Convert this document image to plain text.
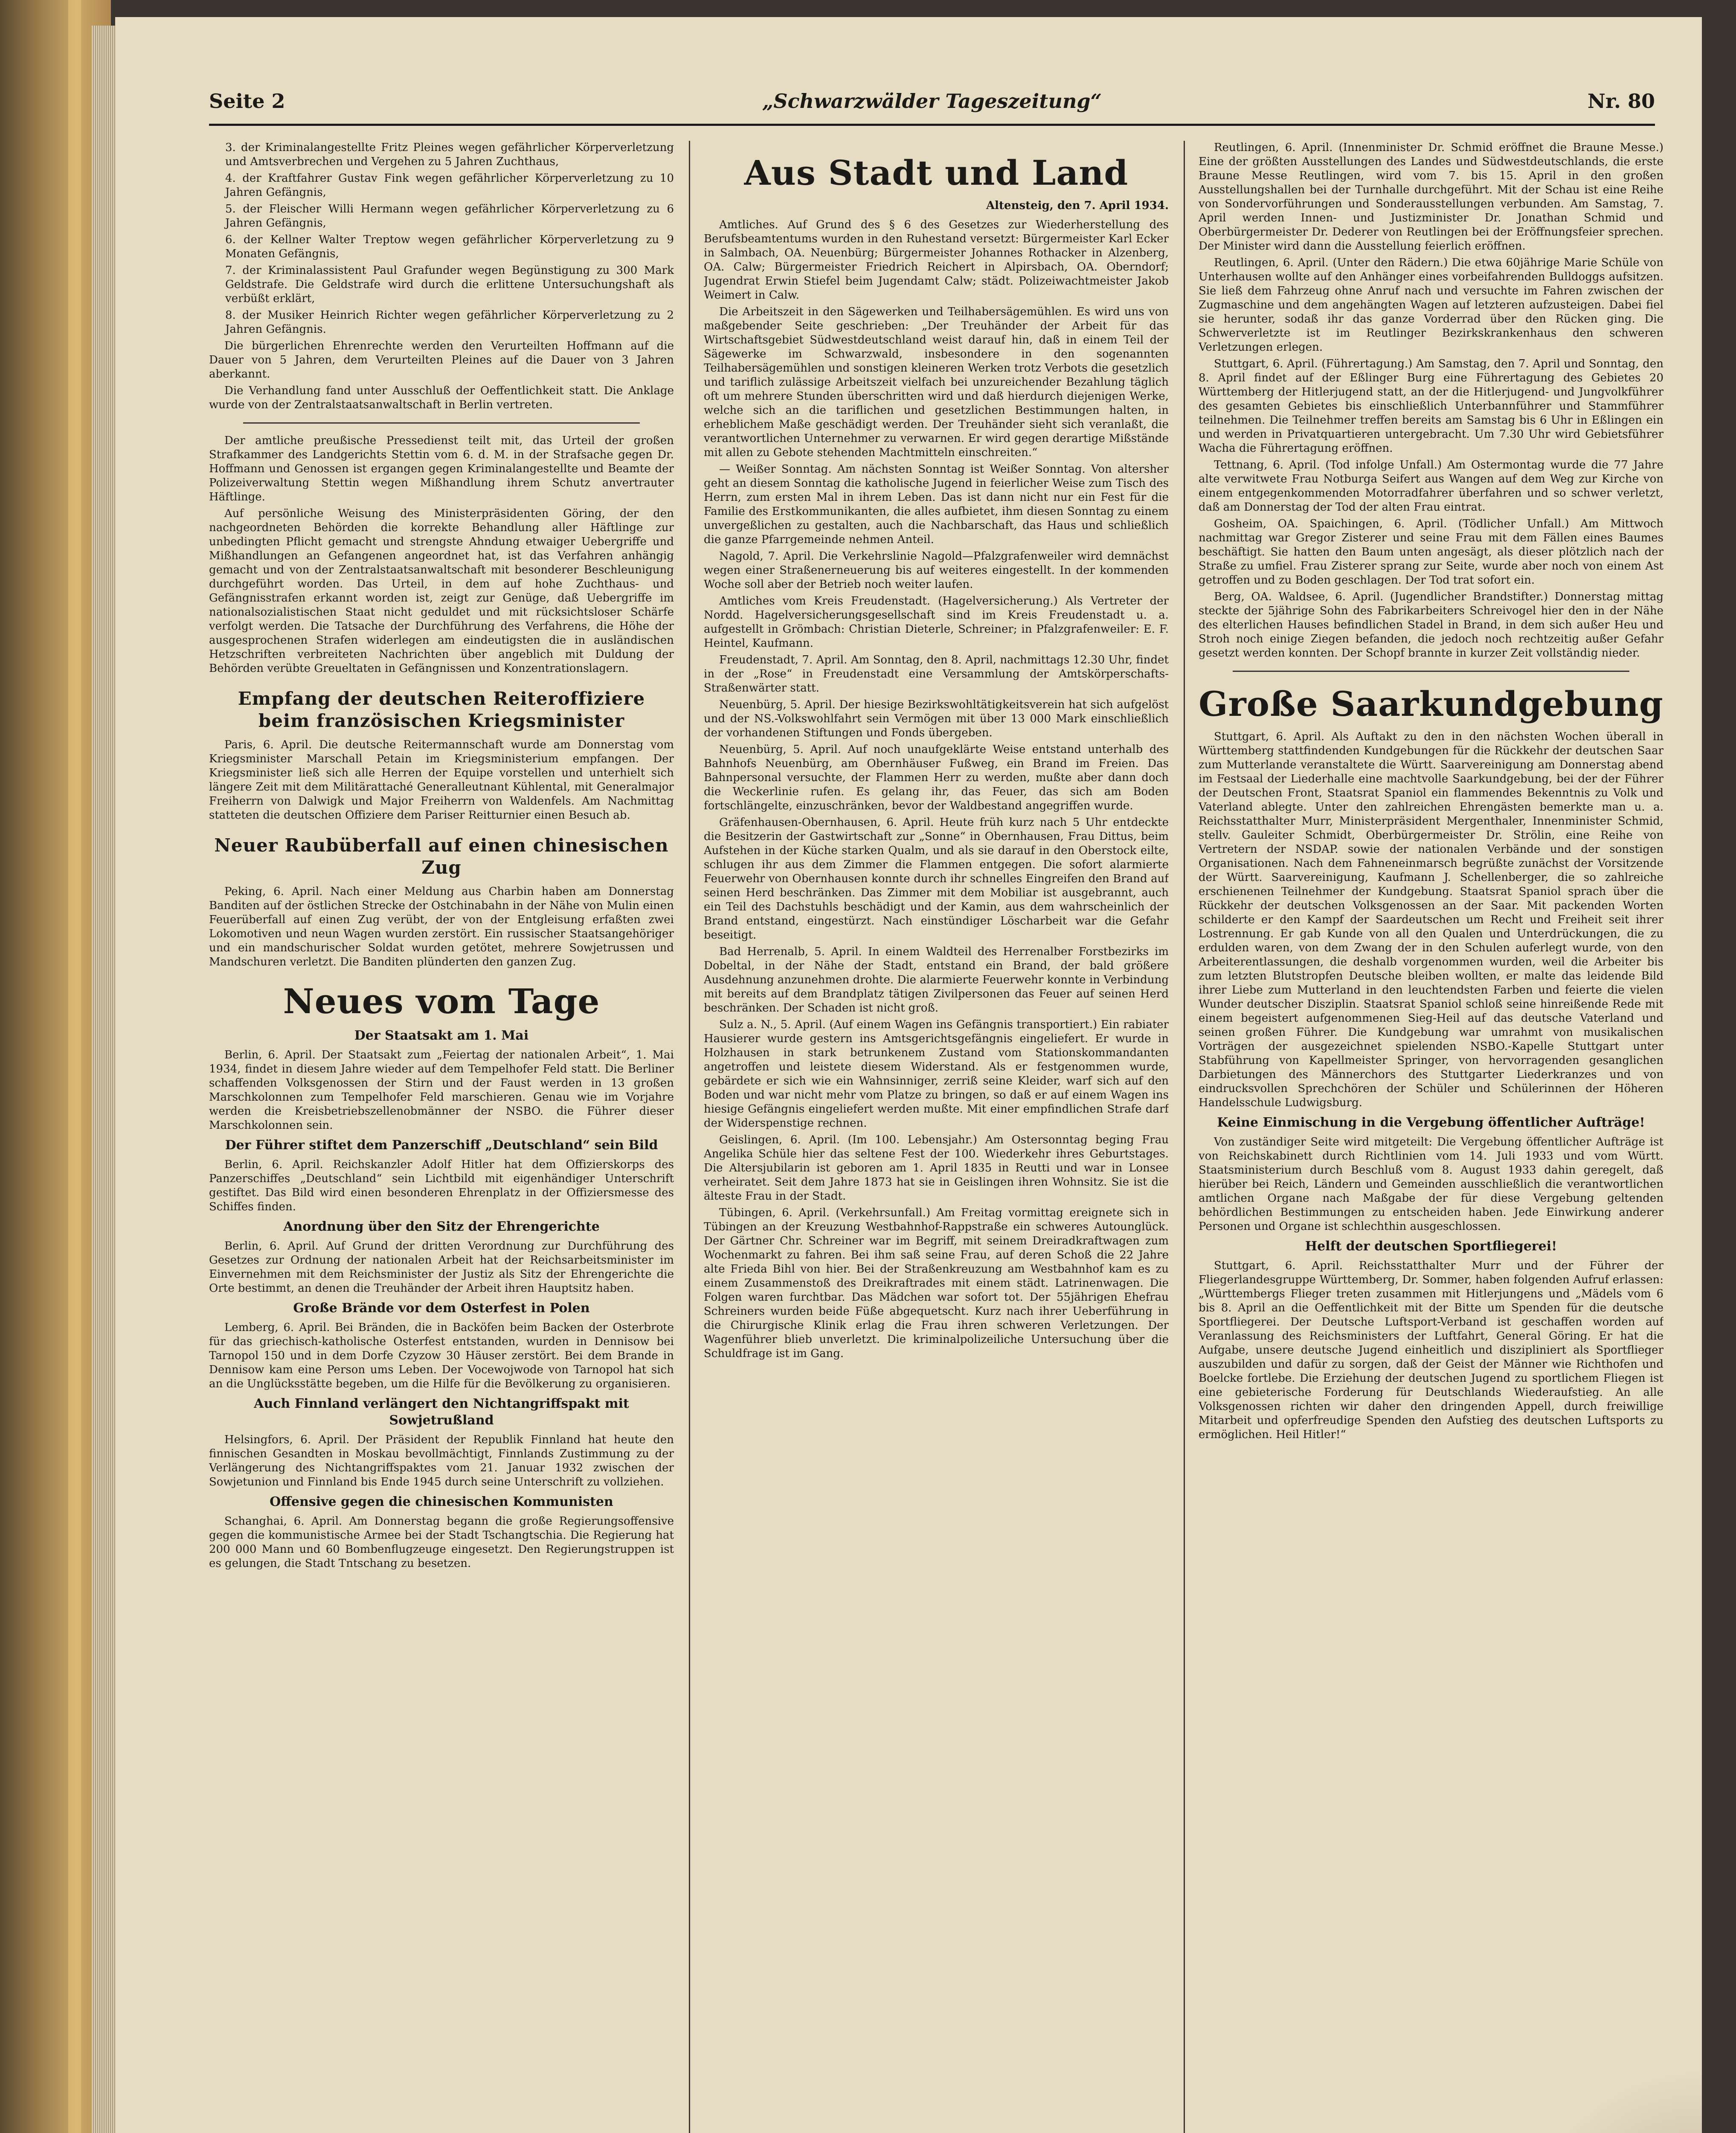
Seite 2	„Schwarzwälder Tageszeitung“	Nr. 80

3. der Kriminalangestellte Fritz Pleines wegen gefährlicher Körperverletzung und Amtsverbrechen und Vergehen zu 5 Jahren Zuchthaus,

4. der Kraftfahrer Gustav Fink wegen gefährlicher Körperverletzung zu 10 Jahren Gefängnis,

5. der Fleischer Willi Hermann wegen gefährlicher Körperverletzung zu 6 Jahren Gefängnis,

6. der Kellner Walter Treptow wegen gefährlicher Körperverletzung zu 9 Monaten Gefängnis,

7. der Kriminalassistent Paul Grafunder wegen Begünstigung zu 300 Mark Geldstrafe. Die Geldstrafe wird durch die erlittene Untersuchungshaft als verbüßt erklärt,

8. der Musiker Heinrich Richter wegen gefährlicher Körperverletzung zu 2 Jahren Gefängnis.

Die bürgerlichen Ehrenrechte werden den Verurteilten Hoffmann auf die Dauer von 5 Jahren, dem Verurteilten Pleines auf die Dauer von 3 Jahren aberkannt.

Die Verhandlung fand unter Ausschluß der Oeffentlichkeit statt. Die Anklage wurde von der Zentralstaatsanwaltschaft in Berlin vertreten.

Der amtliche preußische Pressedienst teilt mit, das Urteil der großen Strafkammer des Landgerichts Stettin vom 6. d. M. in der Strafsache gegen Dr. Hoffmann und Genossen ist ergangen gegen Kriminalangestellte und Beamte der Polizeiverwaltung Stettin wegen Mißhandlung ihrem Schutz anvertrauter Häftlinge.

Auf persönliche Weisung des Ministerpräsidenten Göring, der den nachgeordneten Behörden die korrekte Behandlung aller Häftlinge zur unbedingten Pflicht gemacht und strengste Ahndung etwaiger Uebergriffe und Mißhandlungen an Gefangenen angeordnet hat, ist das Verfahren anhängig gemacht und von der Zentralstaatsanwaltschaft mit besonderer Beschleunigung durchgeführt worden. Das Urteil, in dem auf hohe Zuchthaus- und Gefängnisstrafen erkannt worden ist, zeigt zur Genüge, daß Uebergriffe im nationalsozialistischen Staat nicht geduldet und mit rücksichtsloser Schärfe verfolgt werden. Die Tatsache der Durchführung des Verfahrens, die Höhe der ausgesprochenen Strafen widerlegen am eindeutigsten die in ausländischen Hetzschriften verbreiteten Nachrichten über angeblich mit Duldung der Behörden verübte Greueltaten in Gefängnissen und Konzentrationslagern.

Empfang der deutschen Reiteroffiziere beim französischen Kriegsminister

Paris, 6. April. Die deutsche Reitermannschaft wurde am Donnerstag vom Kriegsminister Marschall Petain im Kriegsministerium empfangen. Der Kriegsminister ließ sich alle Herren der Equipe vorstellen und unterhielt sich längere Zeit mit dem Militärattaché Generalleutnant Kühlental, mit Generalmajor Freiherrn von Dalwigk und Major Freiherrn von Waldenfels. Am Nachmittag statteten die deutschen Offiziere dem Pariser Reitturnier einen Besuch ab.

Neuer Raubüberfall auf einen chinesischen Zug

Peking, 6. April. Nach einer Meldung aus Charbin haben am Donnerstag Banditen auf der östlichen Strecke der Ostchinabahn in der Nähe von Mulin einen Feuerüberfall auf einen Zug verübt, der von der Entgleisung erfaßten zwei Lokomotiven und neun Wagen wurden zerstört. Ein russischer Staatsangehöriger und ein mandschurischer Soldat wurden getötet, mehrere Sowjetrussen und Mandschuren verletzt. Die Banditen plünderten den ganzen Zug.

Neues vom Tage
Der Staatsakt am 1. Mai

Berlin, 6. April. Der Staatsakt zum „Feiertag der nationalen Arbeit“, 1. Mai 1934, findet in diesem Jahre wieder auf dem Tempelhofer Feld statt. Die Berliner schaffenden Volksgenossen der Stirn und der Faust werden in 13 großen Marschkolonnen zum Tempelhofer Feld marschieren. Genau wie im Vorjahre werden die Kreisbetriebszellenobmänner der NSBO. die Führer dieser Marschkolonnen sein.

Der Führer stiftet dem Panzerschiff „Deutschland“ sein Bild

Berlin, 6. April. Reichskanzler Adolf Hitler hat dem Offizierskorps des Panzerschiffes „Deutschland“ sein Lichtbild mit eigenhändiger Unterschrift gestiftet. Das Bild wird einen besonderen Ehrenplatz in der Offiziersmesse des Schiffes finden.

Anordnung über den Sitz der Ehrengerichte

Berlin, 6. April. Auf Grund der dritten Verordnung zur Durchführung des Gesetzes zur Ordnung der nationalen Arbeit hat der Reichsarbeitsminister im Einvernehmen mit dem Reichsminister der Justiz als Sitz der Ehrengerichte die Orte bestimmt, an denen die Treuhänder der Arbeit ihren Hauptsitz haben.

Große Brände vor dem Osterfest in Polen

Lemberg, 6. April. Bei Bränden, die in Backöfen beim Backen der Osterbrote für das griechisch-katholische Osterfest entstanden, wurden in Dennisow bei Tarnopol 150 und in dem Dorfe Czyzow 30 Häuser zerstört. Bei dem Brande in Dennisow kam eine Person ums Leben. Der Vocewojwode von Tarnopol hat sich an die Unglücksstätte begeben, um die Hilfe für die Bevölkerung zu organisieren.

Auch Finnland verlängert den Nichtangriffspakt mit Sowjetrußland

Helsingfors, 6. April. Der Präsident der Republik Finnland hat heute den finnischen Gesandten in Moskau bevollmächtigt, Finnlands Zustimmung zu der Verlängerung des Nichtangriffspaktes vom 21. Januar 1932 zwischen der Sowjetunion und Finnland bis Ende 1945 durch seine Unterschrift zu vollziehen.

Offensive gegen die chinesischen Kommunisten

Schanghai, 6. April. Am Donnerstag begann die große Regierungsoffensive gegen die kommunistische Armee bei der Stadt Tschangtschia. Die Regierung hat 200 000 Mann und 60 Bombenflugzeuge eingesetzt. Den Regierungstruppen ist es gelungen, die Stadt Tntschang zu besetzen.

Aus Stadt und Land
Altensteig, den 7. April 1934.

Amtliches. Auf Grund des § 6 des Gesetzes zur Wiederherstellung des Berufsbeamtentums wurden in den Ruhestand versetzt: Bürgermeister Karl Ecker in Salmbach, OA. Neuenbürg; Bürgermeister Johannes Rothacker in Alzenberg, OA. Calw; Bürgermeister Friedrich Reichert in Alpirsbach, OA. Oberndorf; Jugendrat Erwin Stiefel beim Jugendamt Calw; städt. Polizeiwachtmeister Jakob Weimert in Calw.

Die Arbeitszeit in den Sägewerken und Teilhabersägemühlen. Es wird uns von maßgebender Seite geschrieben: „Der Treuhänder der Arbeit für das Wirtschaftsgebiet Südwestdeutschland weist darauf hin, daß in einem Teil der Sägewerke im Schwarzwald, insbesondere in den sogenannten Teilhabersägemühlen und sonstigen kleineren Werken trotz Verbots die gesetzlich und tariflich zulässige Arbeitszeit vielfach bei unzureichender Bezahlung täglich oft um mehrere Stunden überschritten wird und daß hierdurch diejenigen Werke, welche sich an die tariflichen und gesetzlichen Bestimmungen halten, in erheblichem Maße geschädigt werden. Der Treuhänder sieht sich veranlaßt, die verantwortlichen Unternehmer zu verwarnen. Er wird gegen derartige Mißstände mit allen zu Gebote stehenden Machtmitteln einschreiten.“

— Weißer Sonntag. Am nächsten Sonntag ist Weißer Sonntag. Von altersher geht an diesem Sonntag die katholische Jugend in feierlicher Weise zum Tisch des Herrn, zum ersten Mal in ihrem Leben. Das ist dann nicht nur ein Fest für die Familie des Erstkommunikanten, die alles aufbietet, ihm diesen Sonntag zu einem unvergeßlichen zu gestalten, auch die Nachbarschaft, das Haus und schließlich die ganze Pfarrgemeinde nehmen Anteil.

Nagold, 7. April. Die Verkehrslinie Nagold—Pfalzgrafenweiler wird demnächst wegen einer Straßenerneuerung bis auf weiteres eingestellt. In der kommenden Woche soll aber der Betrieb noch weiter laufen.

Amtliches vom Kreis Freudenstadt. (Hagelversicherung.) Als Vertreter der Nordd. Hagelversicherungsgesellschaft sind im Kreis Freudenstadt u. a. aufgestellt in Grömbach: Christian Dieterle, Schreiner; in Pfalzgrafenweiler: E. F. Heintel, Kaufmann.

Freudenstadt, 7. April. Am Sonntag, den 8. April, nachmittags 12.30 Uhr, findet in der „Rose“ in Freudenstadt eine Versammlung der Amtskörperschafts-Straßenwärter statt.

Neuenbürg, 5. April. Der hiesige Bezirkswohltätigkeitsverein hat sich aufgelöst und der NS.-Volkswohlfahrt sein Vermögen mit über 13 000 Mark einschließlich der vorhandenen Stiftungen und Fonds übergeben.

Neuenbürg, 5. April. Auf noch unaufgeklärte Weise entstand unterhalb des Bahnhofs Neuenbürg, am Obernhäuser Fußweg, ein Brand im Freien. Das Bahnpersonal versuchte, der Flammen Herr zu werden, mußte aber dann doch die Weckerlinie rufen. Es gelang ihr, das Feuer, das sich am Boden fortschlängelte, einzuschränken, bevor der Waldbestand angegriffen wurde.

Gräfenhausen-Obernhausen, 6. April. Heute früh kurz nach 5 Uhr entdeckte die Besitzerin der Gastwirtschaft zur „Sonne“ in Obernhausen, Frau Dittus, beim Aufstehen in der Küche starken Qualm, und als sie darauf in den Oberstock eilte, schlugen ihr aus dem Zimmer die Flammen entgegen. Die sofort alarmierte Feuerwehr von Obernhausen konnte durch ihr schnelles Eingreifen den Brand auf seinen Herd beschränken. Das Zimmer mit dem Mobiliar ist ausgebrannt, auch ein Teil des Dachstuhls beschädigt und der Kamin, aus dem wahrscheinlich der Brand entstand, eingestürzt. Nach einstündiger Löscharbeit war die Gefahr beseitigt.

Bad Herrenalb, 5. April. In einem Waldteil des Herrenalber Forstbezirks im Dobeltal, in der Nähe der Stadt, entstand ein Brand, der bald größere Ausdehnung anzunehmen drohte. Die alarmierte Feuerwehr konnte in Verbindung mit bereits auf dem Brandplatz tätigen Zivilpersonen das Feuer auf seinen Herd beschränken. Der Schaden ist nicht groß.

Sulz a. N., 5. April. (Auf einem Wagen ins Gefängnis transportiert.) Ein rabiater Hausierer wurde gestern ins Amtsgerichtsgefängnis eingeliefert. Er wurde in Holzhausen in stark betrunkenem Zustand vom Stationskommandanten angetroffen und leistete diesem Widerstand. Als er festgenommen wurde, gebärdete er sich wie ein Wahnsinniger, zerriß seine Kleider, warf sich auf den Boden und war nicht mehr vom Platze zu bringen, so daß er auf einem Wagen ins hiesige Gefängnis eingeliefert werden mußte. Mit einer empfindlichen Strafe darf der Widerspenstige rechnen.

Geislingen, 6. April. (Im 100. Lebensjahr.) Am Ostersonntag beging Frau Angelika Schüle hier das seltene Fest der 100. Wiederkehr ihres Geburtstages. Die Altersjubilarin ist geboren am 1. April 1835 in Reutti und war in Lonsee verheiratet. Seit dem Jahre 1873 hat sie in Geislingen ihren Wohnsitz. Sie ist die älteste Frau in der Stadt.

Tübingen, 6. April. (Verkehrsunfall.) Am Freitag vormittag ereignete sich in Tübingen an der Kreuzung Westbahnhof-Rappstraße ein schweres Autounglück. Der Gärtner Chr. Schreiner war im Begriff, mit seinem Dreiradkraftwagen zum Wochenmarkt zu fahren. Bei ihm saß seine Frau, auf deren Schoß die 22 Jahre alte Frieda Bihl von hier. Bei der Straßenkreuzung am Westbahnhof kam es zu einem Zusammenstoß des Dreikraftrades mit einem städt. Latrinenwagen. Die Folgen waren furchtbar. Das Mädchen war sofort tot. Der 55jährigen Ehefrau Schreiners wurden beide Füße abgequetscht. Kurz nach ihrer Ueberführung in die Chirurgische Klinik erlag die Frau ihren schweren Verletzungen. Der Wagenführer blieb unverletzt. Die kriminalpolizeiliche Untersuchung über die Schuldfrage ist im Gang.

Reutlingen, 6. April. (Innenminister Dr. Schmid eröffnet die Braune Messe.) Eine der größten Ausstellungen des Landes und Südwestdeutschlands, die erste Braune Messe Reutlingen, wird vom 7. bis 15. April in den großen Ausstellungshallen bei der Turnhalle durchgeführt. Mit der Schau ist eine Reihe von Sondervorführungen und Sonderausstellungen verbunden. Am Samstag, 7. April werden Innen- und Justizminister Dr. Jonathan Schmid und Oberbürgermeister Dr. Dederer von Reutlingen bei der Eröffnungsfeier sprechen. Der Minister wird dann die Ausstellung feierlich eröffnen.

Reutlingen, 6. April. (Unter den Rädern.) Die etwa 60jährige Marie Schüle von Unterhausen wollte auf den Anhänger eines vorbeifahrenden Bulldoggs aufsitzen. Sie ließ dem Fahrzeug ohne Anruf nach und versuchte im Fahren zwischen der Zugmaschine und dem angehängten Wagen auf letzteren aufzusteigen. Dabei fiel sie herunter, sodaß ihr das ganze Vorderrad über den Rücken ging. Die Schwerverletzte ist im Reutlinger Bezirkskrankenhaus den schweren Verletzungen erlegen.

Stuttgart, 6. April. (Führertagung.) Am Samstag, den 7. April und Sonntag, den 8. April findet auf der Eßlinger Burg eine Führertagung des Gebietes 20 Württemberg der Hitlerjugend statt, an der die Hitlerjugend- und Jungvolkführer des gesamten Gebietes bis einschließlich Unterbannführer und Stammführer teilnehmen. Die Teilnehmer treffen bereits am Samstag bis 6 Uhr in Eßlingen ein und werden in Privatquartieren untergebracht. Um 7.30 Uhr wird Gebietsführer Wacha die Führertagung eröffnen.

Tettnang, 6. April. (Tod infolge Unfall.) Am Ostermontag wurde die 77 Jahre alte verwitwete Frau Notburga Seifert aus Wangen auf dem Weg zur Kirche von einem entgegenkommenden Motorradfahrer überfahren und so schwer verletzt, daß am Donnerstag der Tod der alten Frau eintrat.

Gosheim, OA. Spaichingen, 6. April. (Tödlicher Unfall.) Am Mittwoch nachmittag war Gregor Zisterer und seine Frau mit dem Fällen eines Baumes beschäftigt. Sie hatten den Baum unten angesägt, als dieser plötzlich nach der Straße zu umfiel. Frau Zisterer sprang zur Seite, wurde aber noch von einem Ast getroffen und zu Boden geschlagen. Der Tod trat sofort ein.

Berg, OA. Waldsee, 6. April. (Jugendlicher Brandstifter.) Donnerstag mittag steckte der 5jährige Sohn des Fabrikarbeiters Schreivogel hier den in der Nähe des elterlichen Hauses befindlichen Stadel in Brand, in dem sich außer Heu und Stroh noch einige Ziegen befanden, die jedoch noch rechtzeitig außer Gefahr gesetzt werden konnten. Der Schopf brannte in kurzer Zeit vollständig nieder.

Große Saarkundgebung

Stuttgart, 6. April. Als Auftakt zu den in den nächsten Wochen überall in Württemberg stattfindenden Kundgebungen für die Rückkehr der deutschen Saar zum Mutterlande veranstaltete die Württ. Saarvereinigung am Donnerstag abend im Festsaal der Liederhalle eine machtvolle Saarkundgebung, bei der der Führer der Deutschen Front, Staatsrat Spaniol ein flammendes Bekenntnis zu Volk und Vaterland ablegte. Unter den zahlreichen Ehrengästen bemerkte man u. a. Reichsstatthalter Murr, Ministerpräsident Mergenthaler, Innenminister Schmid, stellv. Gauleiter Schmidt, Oberbürgermeister Dr. Strölin, eine Reihe von Vertretern der NSDAP. sowie der nationalen Verbände und der sonstigen Organisationen. Nach dem Fahneneinmarsch begrüßte zunächst der Vorsitzende der Württ. Saarvereinigung, Kaufmann J. Schellenberger, die so zahlreiche erschienenen Teilnehmer der Kundgebung. Staatsrat Spaniol sprach über die Rückkehr der deutschen Volksgenossen an der Saar. Mit packenden Worten schilderte er den Kampf der Saardeutschen um Recht und Freiheit seit ihrer Lostrennung. Er gab Kunde von all den Qualen und Unterdrückungen, die zu erdulden waren, von dem Zwang der in den Schulen auferlegt wurde, von den Arbeiterentlassungen, die deshalb vorgenommen wurden, weil die Arbeiter bis zum letzten Blutstropfen Deutsche bleiben wollten, er malte das leidende Bild ihrer Liebe zum Mutterland in den leuchtendsten Farben und feierte die vielen Wunder deutscher Disziplin. Staatsrat Spaniol schloß seine hinreißende Rede mit einem begeistert aufgenommenen Sieg-Heil auf das deutsche Vaterland und seinen großen Führer. Die Kundgebung war umrahmt von musikalischen Vorträgen der ausgezeichnet spielenden NSBO.-Kapelle Stuttgart unter Stabführung von Kapellmeister Springer, von hervorragenden gesanglichen Darbietungen des Männerchors des Stuttgarter Liederkranzes und von eindrucksvollen Sprechchören der Schüler und Schülerinnen der Höheren Handelsschule Ludwigsburg.

Keine Einmischung in die Vergebung öffentlicher Aufträge!

Von zuständiger Seite wird mitgeteilt: Die Vergebung öffentlicher Aufträge ist von Reichskabinett durch Richtlinien vom 14. Juli 1933 und vom Württ. Staatsministerium durch Beschluß vom 8. August 1933 dahin geregelt, daß hierüber bei Reich, Ländern und Gemeinden ausschließlich die verantwortlichen amtlichen Organe nach Maßgabe der für diese Vergebung geltenden behördlichen Bestimmungen zu entscheiden haben. Jede Einwirkung anderer Personen und Organe ist schlechthin ausgeschlossen.

Helft der deutschen Sportfliegerei!

Stuttgart, 6. April. Reichsstatthalter Murr und der Führer der Fliegerlandesgruppe Württemberg, Dr. Sommer, haben folgenden Aufruf erlassen: „Württembergs Flieger treten zusammen mit Hitlerjungens und „Mädels vom 6 bis 8. April an die Oeffentlichkeit mit der Bitte um Spenden für die deutsche Sportfliegerei. Der Deutsche Luftsport-Verband ist geschaffen worden auf Veranlassung des Reichsministers der Luftfahrt, General Göring. Er hat die Aufgabe, unsere deutsche Jugend einheitlich und diszipliniert als Sportflieger auszubilden und dafür zu sorgen, daß der Geist der Männer wie Richthofen und Boelcke fortlebe. Die Erziehung der deutschen Jugend zu sportlichem Fliegen ist eine gebieterische Forderung für Deutschlands Wiederaufstieg. An alle Volksgenossen richten wir daher den dringenden Appell, durch freiwillige Mitarbeit und opferfreudige Spenden den Aufstieg des deutschen Luftsports zu ermöglichen. Heil Hitler!“
